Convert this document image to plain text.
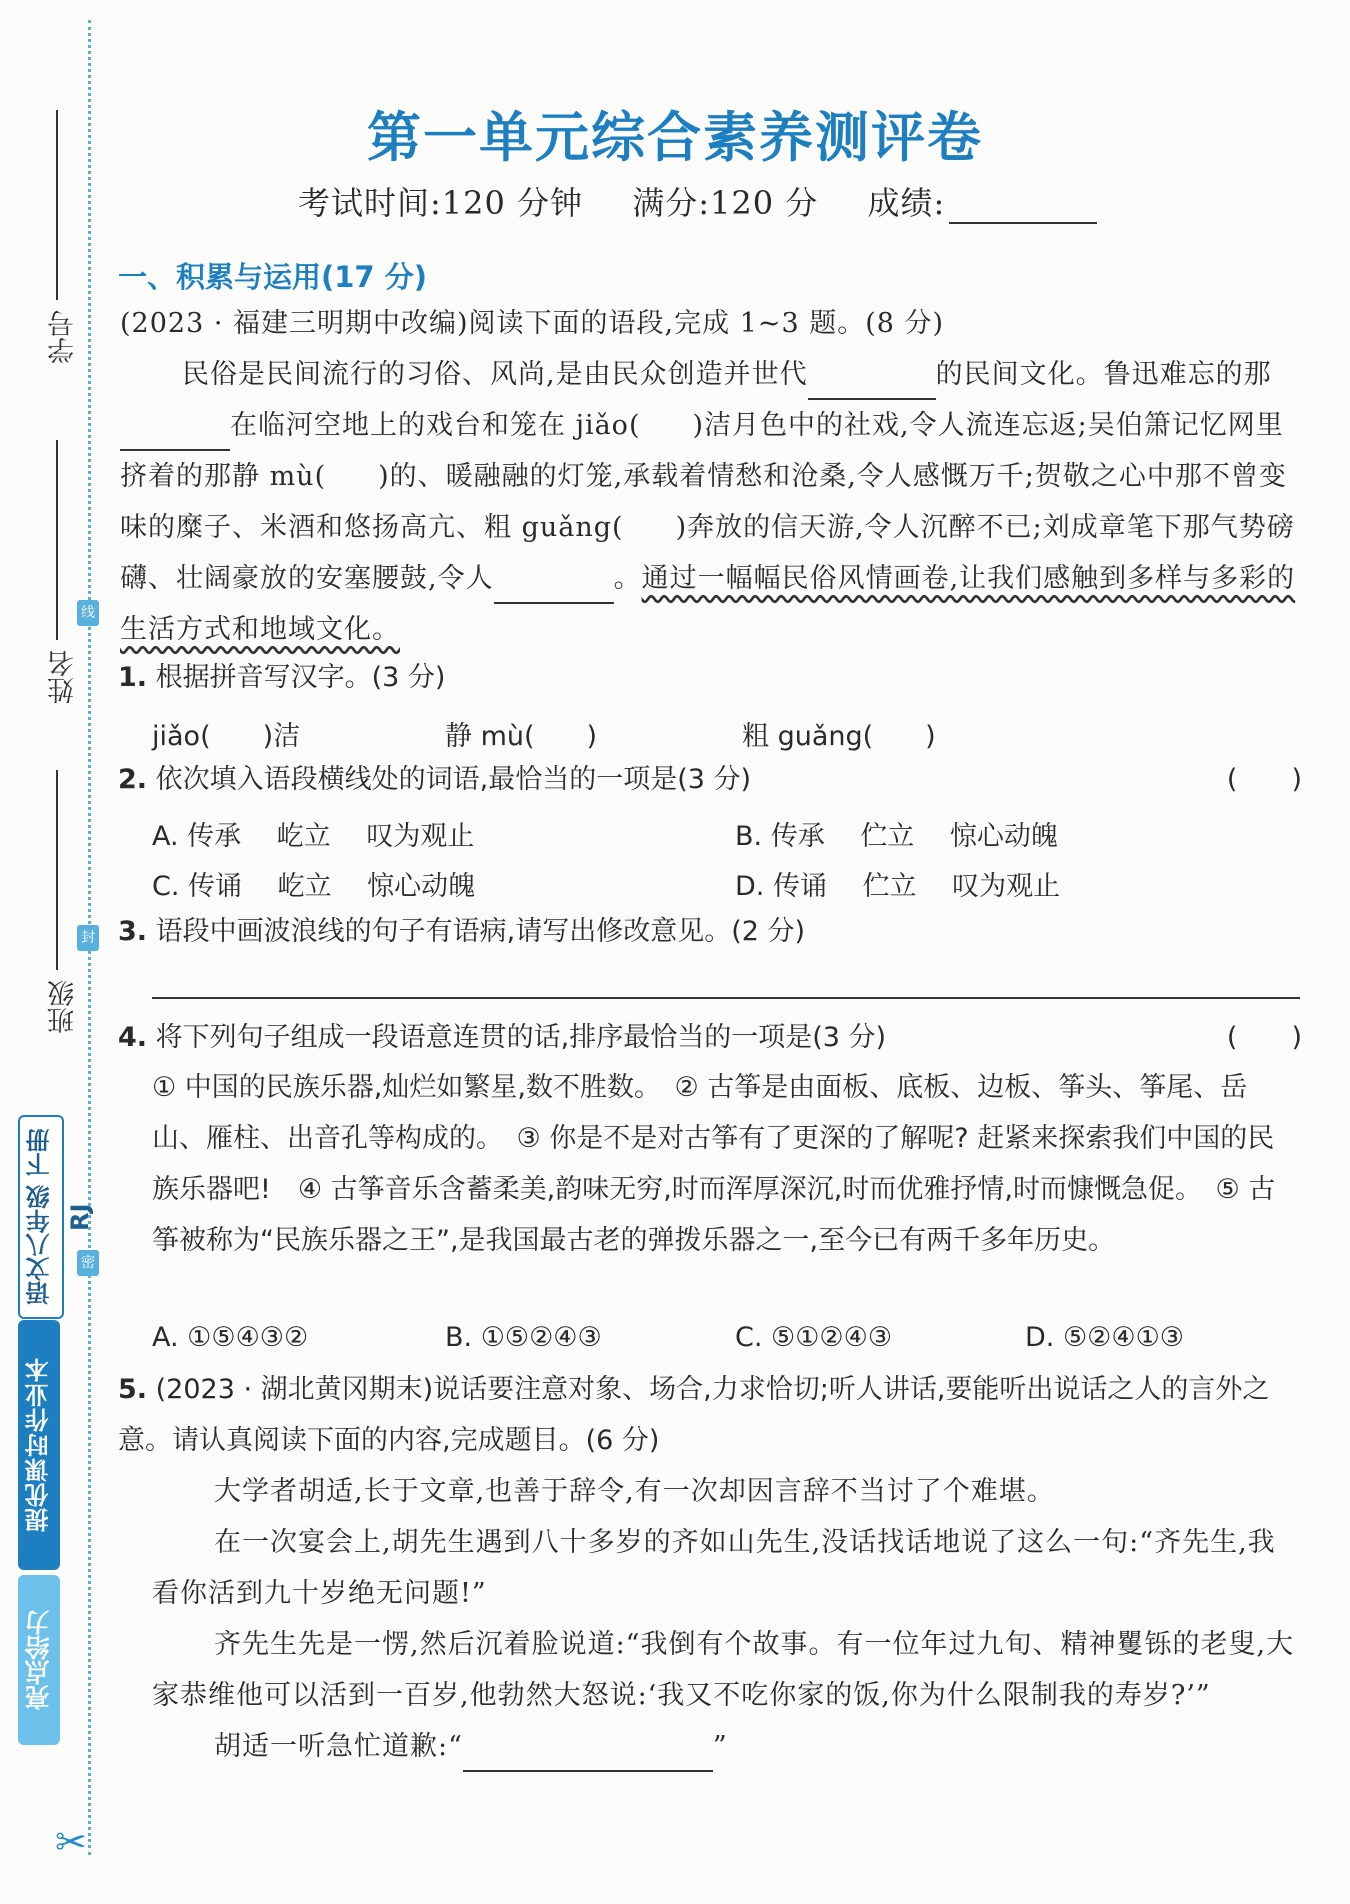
学号
姓名
班级
线
封
密
语文八年级 下册 RJ
提优课时作业本
亮点给力
✂
第一单元综合素养测评卷
考试时间:120 分钟 满分:120 分 成绩:
一、积累与运用(17 分)
(2023 · 福建三明期中改编)阅读下面的语段,完成 1~3 题。(8 分)
民俗是民间流行的习俗、风尚,是由民众创造并世代	的民间文化。鲁迅难忘的那在临河空地上的戏台和笼在 jiǎo( )洁月色中的社戏,令人流连忘返;吴伯箫记忆网里挤着的那静 mù( )的、暖融融的灯笼,承载着情愁和沧桑,令人感慨万千;贺敬之心中那不曾变味的糜子、米酒和悠扬高亢、粗 guǎng( )奔放的信天游,令人沉醉不已;刘成章笔下那气势磅礴、壮阔豪放的安塞腰鼓,令人	。通过一幅幅民俗风情画卷,让我们感触到多样与多彩的生活方式和地域文化。
1. 根据拼音写汉字。(3 分)
jiǎo( )洁	静 mù( )	粗 guǎng( )
2. 依次填入语段横线处的词语,最恰当的一项是(3 分)	(　　)
A. 传承　 屹立　 叹为观止	B. 传承　 伫立　 惊心动魄
C. 传诵　 屹立　 惊心动魄	D. 传诵　 伫立　 叹为观止
3. 语段中画波浪线的句子有语病,请写出修改意见。(2 分)
4. 将下列句子组成一段语意连贯的话,排序最恰当的一项是(3 分)	(　　)
① 中国的民族乐器,灿烂如繁星,数不胜数。　② 古筝是由面板、底板、边板、筝头、筝尾、岳山、雁柱、出音孔等构成的。　③ 你是不是对古筝有了更深的了解呢? 赶紧来探索我们中国的民族乐器吧!　④ 古筝音乐含蓄柔美,韵味无穷,时而浑厚深沉,时而优雅抒情,时而慷慨急促。　⑤ 古筝被称为“民族乐器之王”,是我国最古老的弹拨乐器之一,至今已有两千多年历史。
A. ①⑤④③②	B. ①⑤②④③	C. ⑤①②④③	D. ⑤②④①③
5. (2023 · 湖北黄冈期末)说话要注意对象、场合,力求恰切;听人讲话,要能听出说话之人的言外之意。请认真阅读下面的内容,完成题目。(6 分)

大学者胡适,长于文章,也善于辞令,有一次却因言辞不当讨了个难堪。

在一次宴会上,胡先生遇到八十多岁的齐如山先生,没话找话地说了这么一句:“齐先生,我看你活到九十岁绝无问题!”

齐先生先是一愣,然后沉着脸说道:“我倒有个故事。有一位年过九旬、精神矍铄的老叟,大家恭维他可以活到一百岁,他勃然大怒说:‘我又不吃你家的饭,你为什么限制我的寿岁?’”

胡适一听急忙道歉:“	”
